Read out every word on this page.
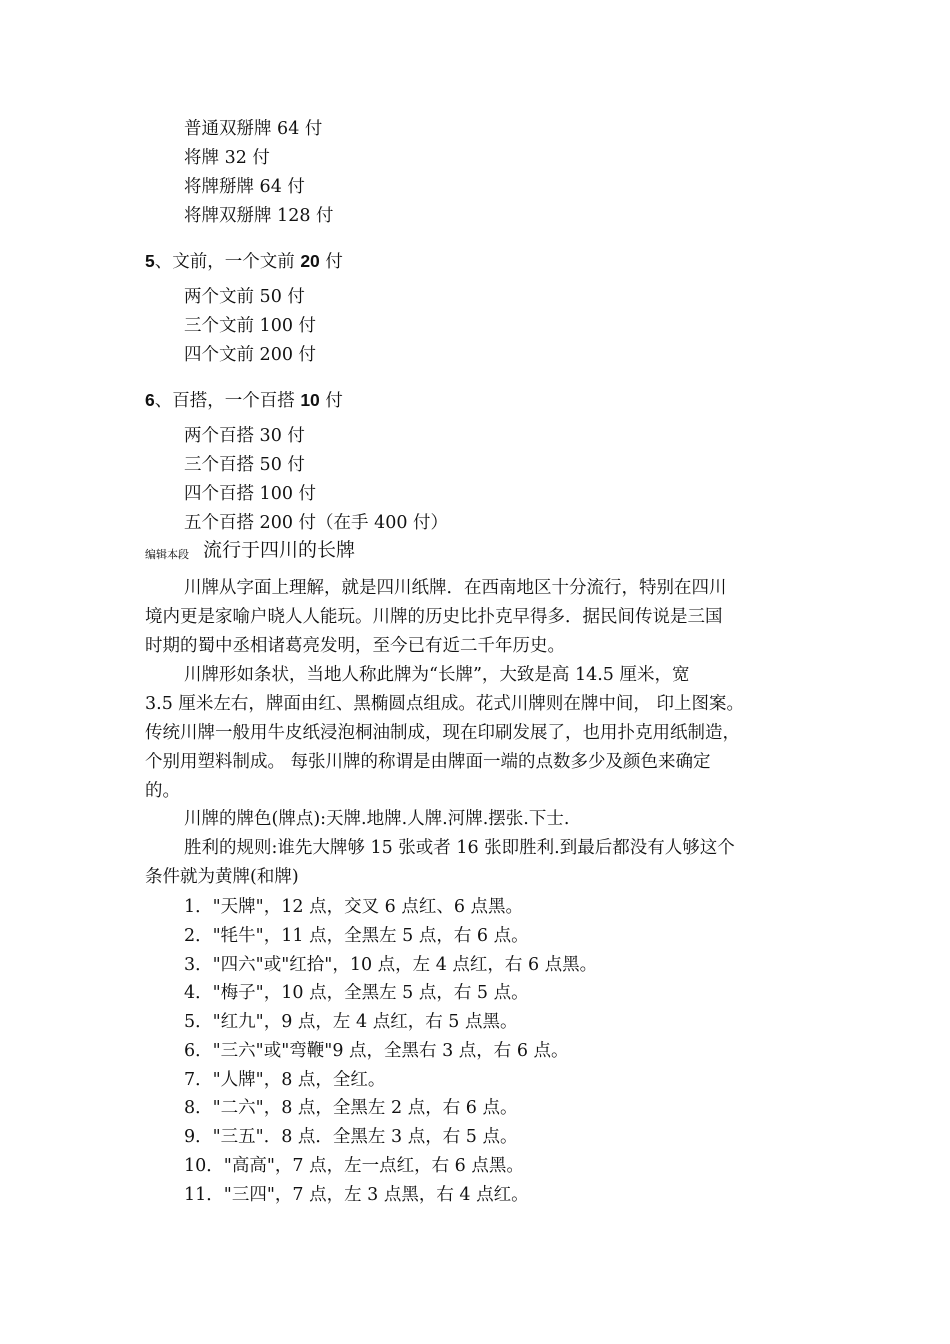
普通双掰牌 64 付
将牌 32 付
将牌掰牌 64 付
将牌双掰牌 128 付
5、文前，一个文前 20 付
两个文前 50 付
三个文前 100 付
四个文前 200 付
6、百搭，一个百搭 10 付
两个百搭 30 付
三个百搭 50 付
四个百搭 100 付
五个百搭 200 付（在手 400 付）
编辑本段 流行于四川的长牌
川牌从字面上理解，就是四川纸牌．在西南地区十分流行，特别在四川
境内更是家喻户晓人人能玩。川牌的历史比扑克早得多．据民间传说是三国
时期的蜀中丞相诸葛亮发明，至今已有近二千年历史。
川牌形如条状，当地人称此牌为“长牌”，大致是高 14.5 厘米，宽
3.5 厘米左右，牌面由红、黑椭圆点组成。花式川牌则在牌中间， 印上图案。
传统川牌一般用牛皮纸浸泡桐油制成，现在印刷发展了，也用扑克用纸制造，
个别用塑料制成。 每张川牌的称谓是由牌面一端的点数多少及颜色来确定
的。
川牌的牌色(牌点):天牌.地牌.人牌.河牌.摆张.下士.
胜利的规则:谁先大牌够 15 张或者 16 张即胜利.到最后都没有人够这个
条件就为黄牌(和牌)
1．"天牌"，12 点，交叉 6 点红、6 点黑。
2．"牦牛"，11 点，全黑左 5 点，右 6 点。
3．"四六"或"红拾"，10 点，左 4 点红，右 6 点黑。
4．"梅子"，10 点，全黑左 5 点，右 5 点。
5．"红九"，9 点，左 4 点红，右 5 点黑。
6．"三六"或"弯鞭"9 点，全黑右 3 点，右 6 点。
7．"人牌"，8 点，全红。
8．"二六"，8 点，全黑左 2 点，右 6 点。
9．"三五"．8 点．全黑左 3 点，右 5 点。
10．"高高"，7 点，左一点红，右 6 点黑。
11．"三四"，7 点，左 3 点黑，右 4 点红。
